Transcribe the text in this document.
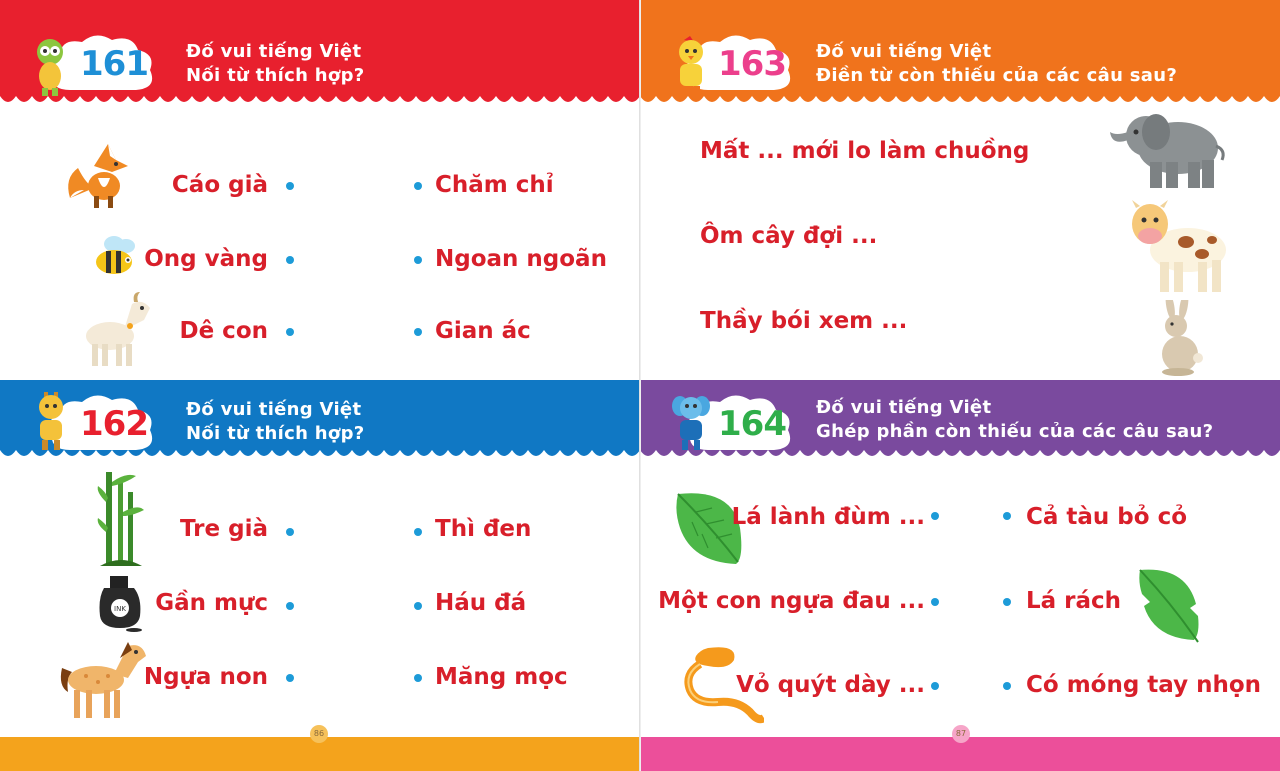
161	Đố vui tiếng Việt
Nối từ thích hợp?
Cáo già	Chăm chỉ
Ong vàng	Ngoan ngoãn
Dê con	Gian ác
162	Đố vui tiếng Việt
Nối từ thích hợp?
Tre già	Thì đen
INK Gần mực	Háu đá
Ngựa non	Măng mọc
86
163	Đố vui tiếng Việt
Điền từ còn thiếu của các câu sau?
Mất ... mới lo làm chuồng
Ôm cây đợi ...
Thầy bói xem ...
164	Đố vui tiếng Việt
Ghép phần còn thiếu của các câu sau?
Lá lành đùm ...	Cả tàu bỏ cỏ
Một con ngựa đau ...	Lá rách
Vỏ quýt dày ...	Có móng tay nhọn
87
